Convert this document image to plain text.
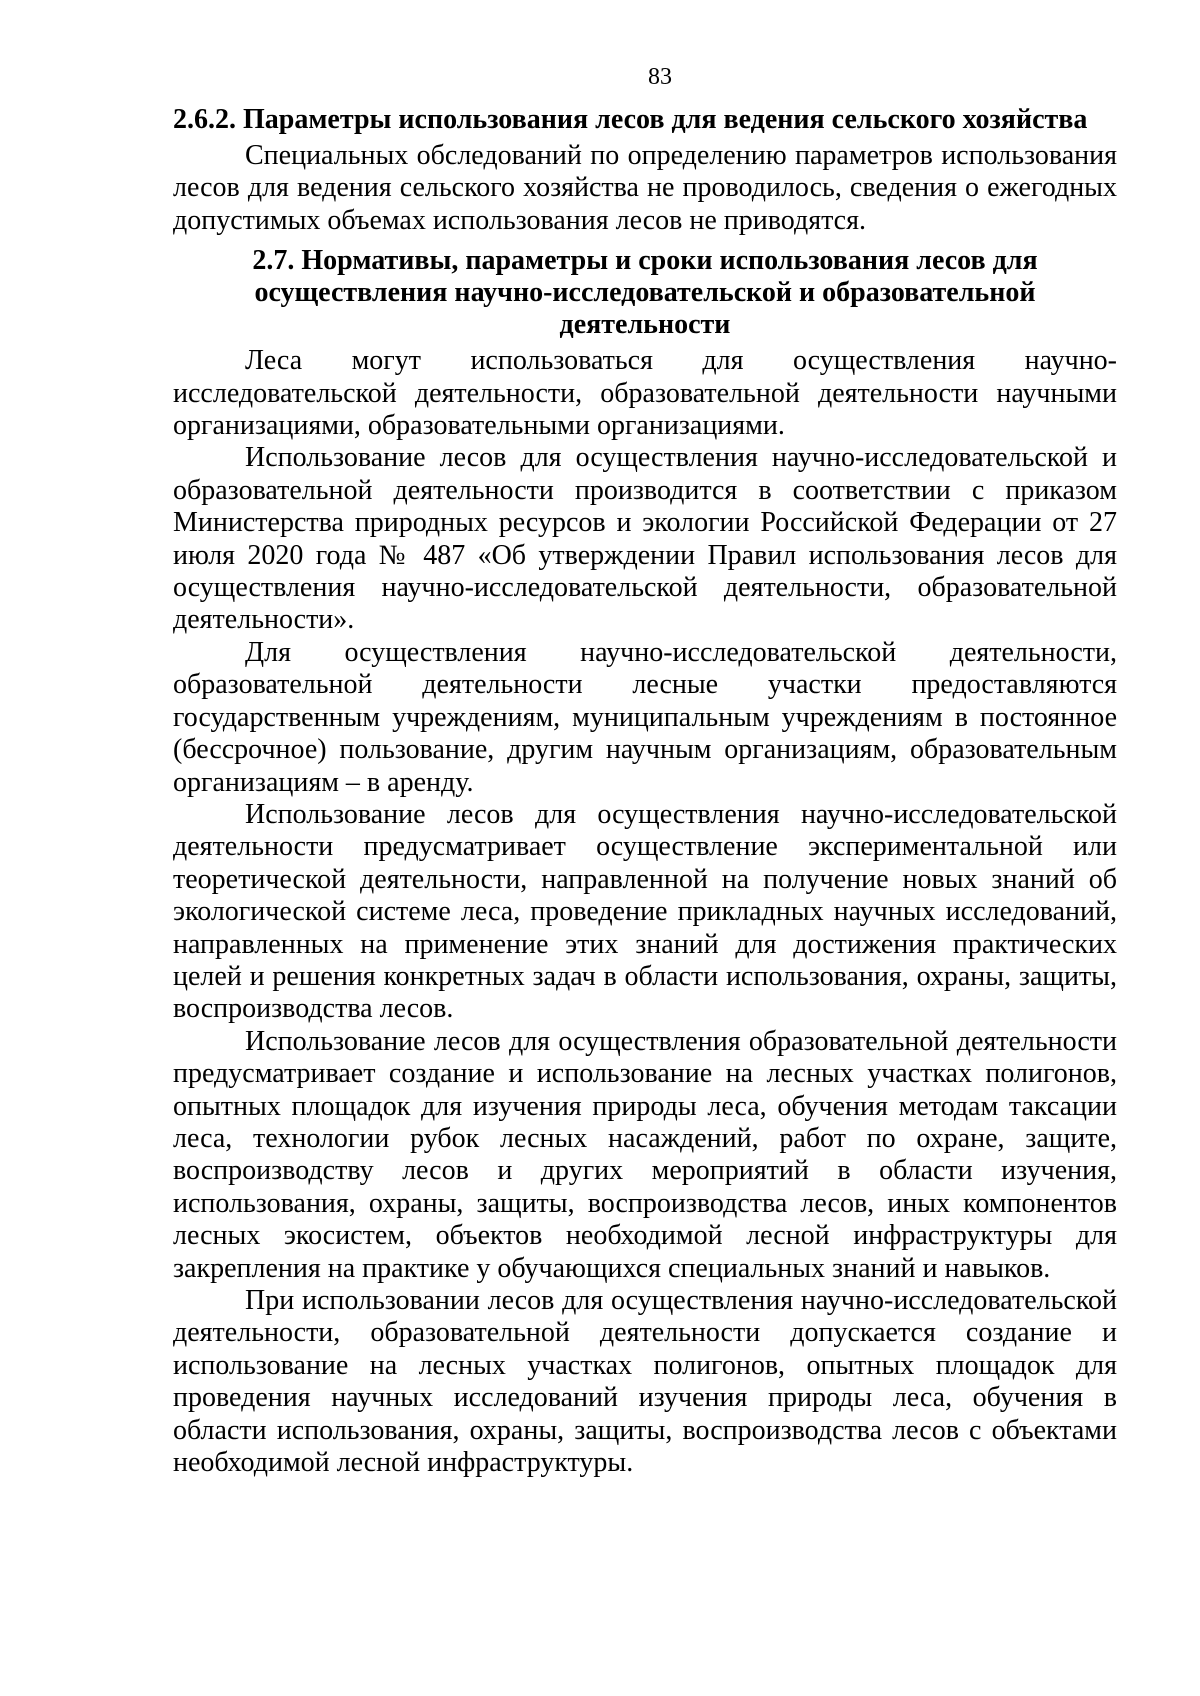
83

2.6.2. Параметры использования лесов для ведения сельского хозяйства

Специальных обследований по определению параметров использования лесов для ведения сельского хозяйства не проводилось, сведения о ежегодных допустимых объемах использования лесов не приводятся.

2.7. Нормативы, параметры и сроки использования лесов для осуществления научно-исследовательской и образовательной деятельности

Леса могут использоваться для осуществления научно-исследовательской деятельности, образовательной деятельности научными организациями, образовательными организациями.

Использование лесов для осуществления научно-исследовательской и образовательной деятельности производится в соответствии с приказом Министерства природных ресурсов и экологии Российской Федерации от 27 июля 2020 года № 487 «Об утверждении Правил использования лесов для осуществления научно-исследовательской деятельности, образовательной деятельности».

Для осуществления научно-исследовательской деятельности, образовательной деятельности лесные участки предоставляются государственным учреждениям, муниципальным учреждениям в постоянное (бессрочное) пользование, другим научным организациям, образовательным организациям – в аренду.

Использование лесов для осуществления научно-исследовательской деятельности предусматривает осуществление экспериментальной или теоретической деятельности, направленной на получение новых знаний об экологической системе леса, проведение прикладных научных исследований, направленных на применение этих знаний для достижения практических целей и решения конкретных задач в области использования, охраны, защиты, воспроизводства лесов.

Использование лесов для осуществления образовательной деятельности предусматривает создание и использование на лесных участках полигонов, опытных площадок для изучения природы леса, обучения методам таксации леса, технологии рубок лесных насаждений, работ по охране, защите, воспроизводству лесов и других мероприятий в области изучения, использования, охраны, защиты, воспроизводства лесов, иных компонентов лесных экосистем, объектов необходимой лесной инфраструктуры для закрепления на практике у обучающихся специальных знаний и навыков.

При использовании лесов для осуществления научно-исследовательской деятельности, образовательной деятельности допускается создание и использование на лесных участках полигонов, опытных площадок для проведения научных исследований изучения природы леса, обучения в области использования, охраны, защиты, воспроизводства лесов с объектами необходимой лесной инфраструктуры.
